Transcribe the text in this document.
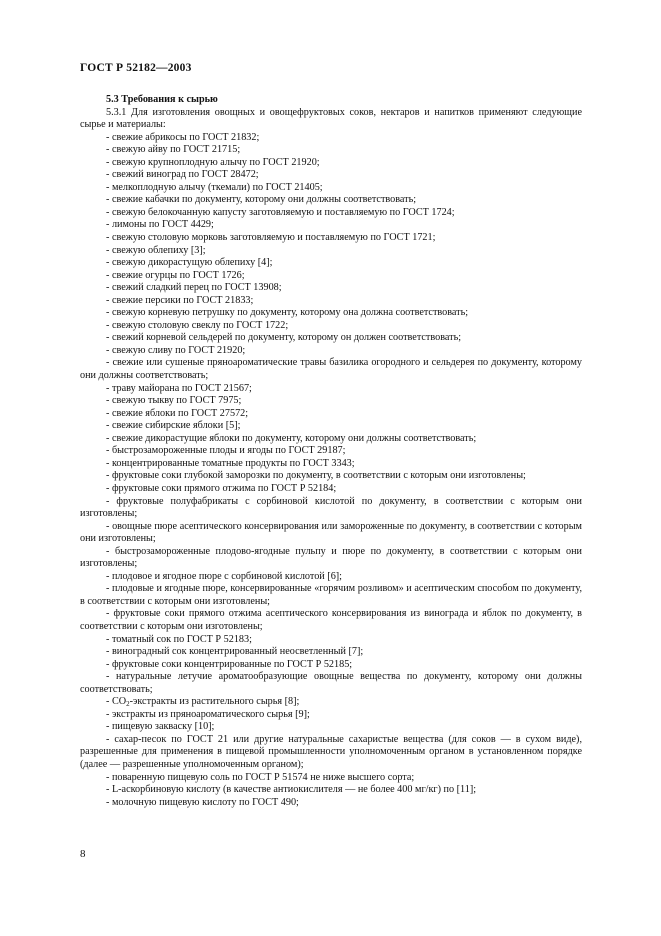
ГОСТ Р 52182—2003
5.3 Требования к сырью
5.3.1 Для изготовления овощных и овощефруктовых соков, нектаров и напитков применяют следующие сырье и материалы:
- свежие абрикосы по ГОСТ 21832;
- свежую айву по ГОСТ 21715;
- свежую крупноплодную алычу по ГОСТ 21920;
- свежий виноград по ГОСТ 28472;
- мелкоплодную алычу (ткемали) по ГОСТ 21405;
- свежие кабачки по документу, которому они должны соответствовать;
- свежую белокочанную капусту заготовляемую и поставляемую по ГОСТ 1724;
- лимоны по ГОСТ 4429;
- свежую столовую морковь заготовляемую и поставляемую по ГОСТ 1721;
- свежую облепиху [3];
- свежую дикорастущую облепиху [4];
- свежие огурцы по ГОСТ 1726;
- свежий сладкий перец по ГОСТ 13908;
- свежие персики по ГОСТ 21833;
- свежую корневую петрушку по документу, которому она должна соответствовать;
- свежую столовую свеклу по ГОСТ 1722;
- свежий корневой сельдерей по документу, которому он должен соответствовать;
- свежую сливу по ГОСТ 21920;
- свежие или сушеные пряноароматические травы базилика огородного и сельдерея по документу, которому они должны соответствовать;
- траву майорана по ГОСТ 21567;
- свежую тыкву по ГОСТ 7975;
- свежие яблоки по ГОСТ 27572;
- свежие сибирские яблоки [5];
- свежие дикорастущие яблоки по документу, которому они должны соответствовать;
- быстрозамороженные плоды и ягоды по ГОСТ 29187;
- концентрированные томатные продукты по ГОСТ 3343;
- фруктовые соки глубокой заморозки по документу, в соответствии с которым они изготовлены;
- фруктовые соки прямого отжима по ГОСТ Р 52184;
- фруктовые полуфабрикаты с сорбиновой кислотой по документу, в соответствии с которым они изготовлены;
- овощные пюре асептического консервирования или замороженные по документу, в соответствии с которым они изготовлены;
- быстрозамороженные плодово-ягодные пульпу и пюре по документу, в соответствии с которым они изготовлены;
- плодовое и ягодное пюре с сорбиновой кислотой [6];
- плодовые и ягодные пюре, консервированные «горячим розливом» и асептическим способом по документу, в соответствии с которым они изготовлены;
- фруктовые соки прямого отжима асептического консервирования из винограда и яблок по документу, в соответствии с которым они изготовлены;
- томатный сок по ГОСТ Р 52183;
- виноградный сок концентрированный неосветленный [7];
- фруктовые соки концентрированные по ГОСТ Р 52185;
- натуральные летучие ароматообразующие овощные вещества по документу, которому они должны соответствовать;
- $CO_2$-экстракты из растительного сырья [8];
- экстракты из пряноароматического сырья [9];
- пищевую закваску [10];
- сахар-песок по ГОСТ 21 или другие натуральные сахаристые вещества (для соков — в сухом виде), разрешенные для применения в пищевой промышленности уполномоченным органом в установленном порядке (далее — разрешенные уполномоченным органом);
- поваренную пищевую соль по ГОСТ Р 51574 не ниже высшего сорта;
- L-аскорбиновую кислоту (в качестве антиокислителя — не более 400 мг/кг) по [11];
- молочную пищевую кислоту по ГОСТ 490;
8
